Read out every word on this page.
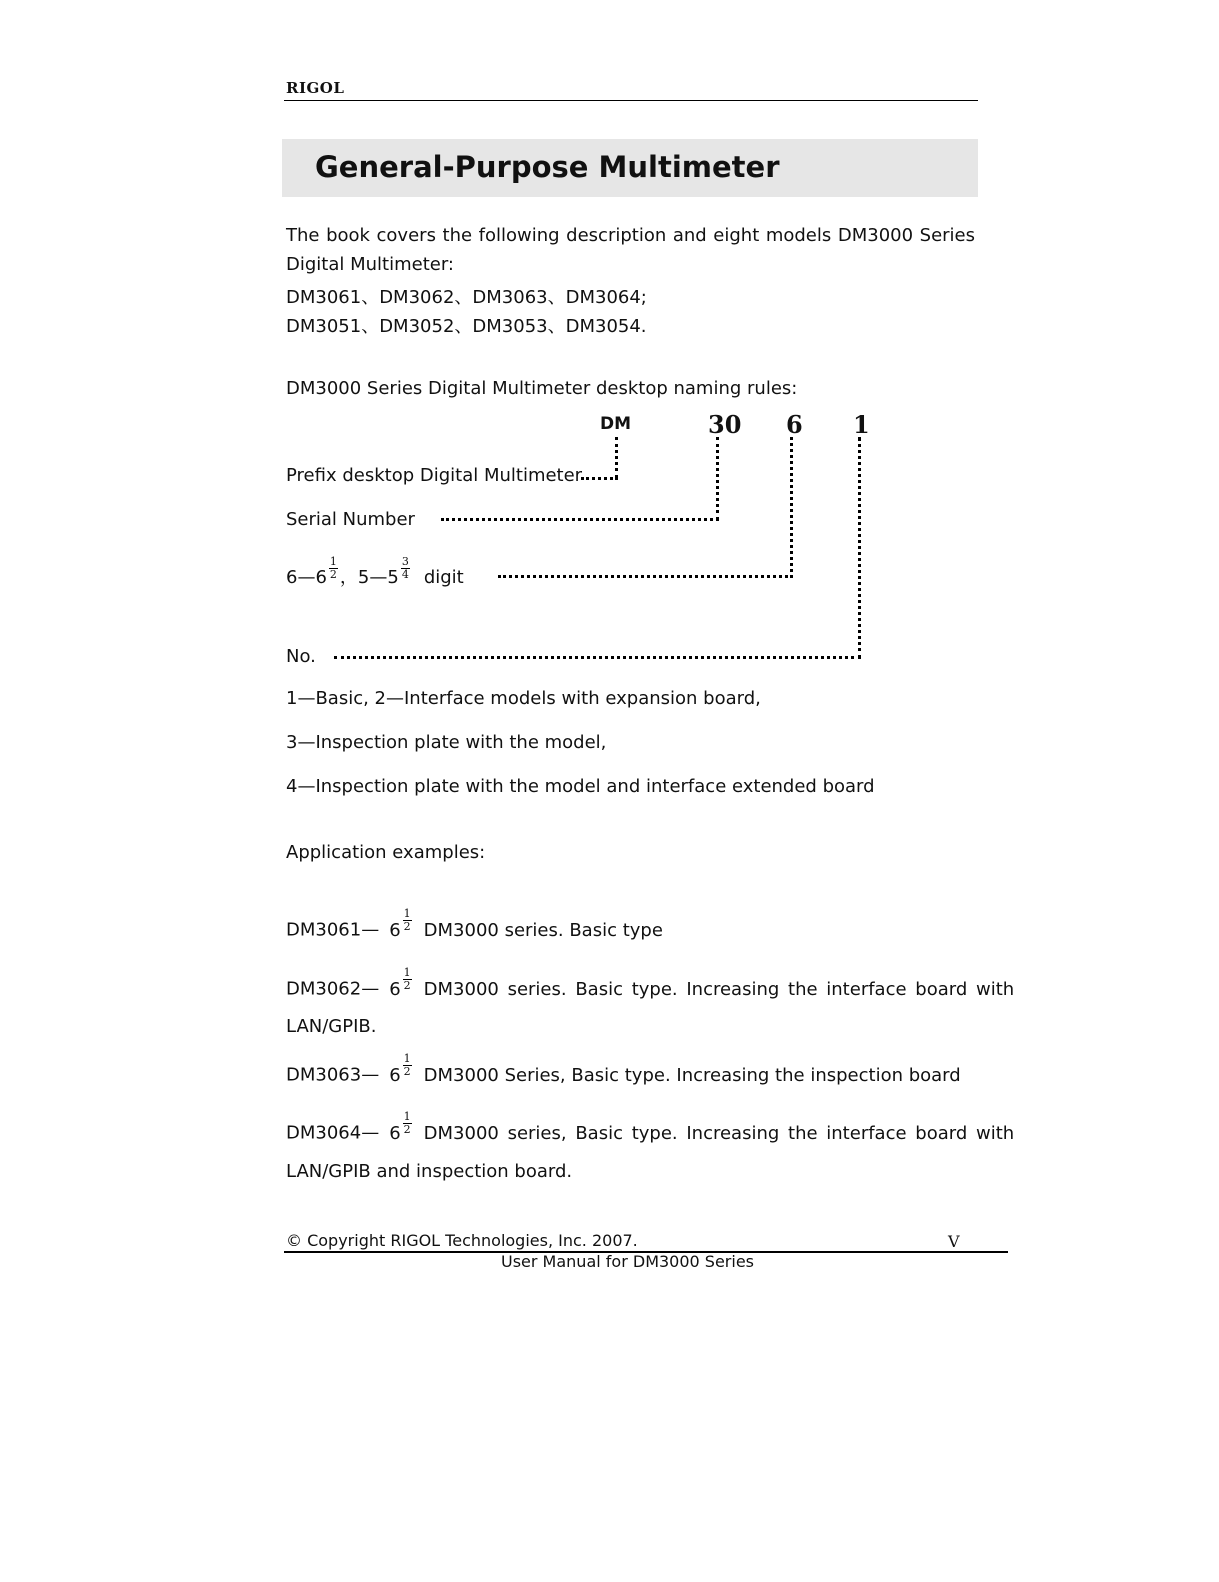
RIGOL
General-Purpose Multimeter
The book covers the following description and eight models DM3000 Series Digital Multimeter:
DM3061、DM3062、DM3063、DM3064;
DM3051、DM3052、DM3053、DM3054.
DM3000 Series Digital Multimeter desktop naming rules:
DM	30 6 1
Prefix desktop Digital Multimeter
Serial Number
6—6 $\frac{1}{2}$ ，5—5 $\frac{3}{4}$ digit
No.
1—Basic, 2—Interface models with expansion board,
3—Inspection plate with the model,
4—Inspection plate with the model and interface extended board
Application examples:
DM3061— $6 \frac{1}{2} DM3000$ series. Basic type
DM3062— $6 \frac{1}{2} DM3000$ series. Basic type. Increasing the interface board with
LAN/GPIB.
DM3063— $6 \frac{1}{2} DM3000$ Series, Basic type. Increasing the inspection board
DM3064— $6 \frac{1}{2} DM3000$ series, Basic type. Increasing the interface board with
LAN/GPIB and inspection board.
© Copyright RIGOL Technologies, Inc. 2007.	V
User Manual for DM3000 Series
